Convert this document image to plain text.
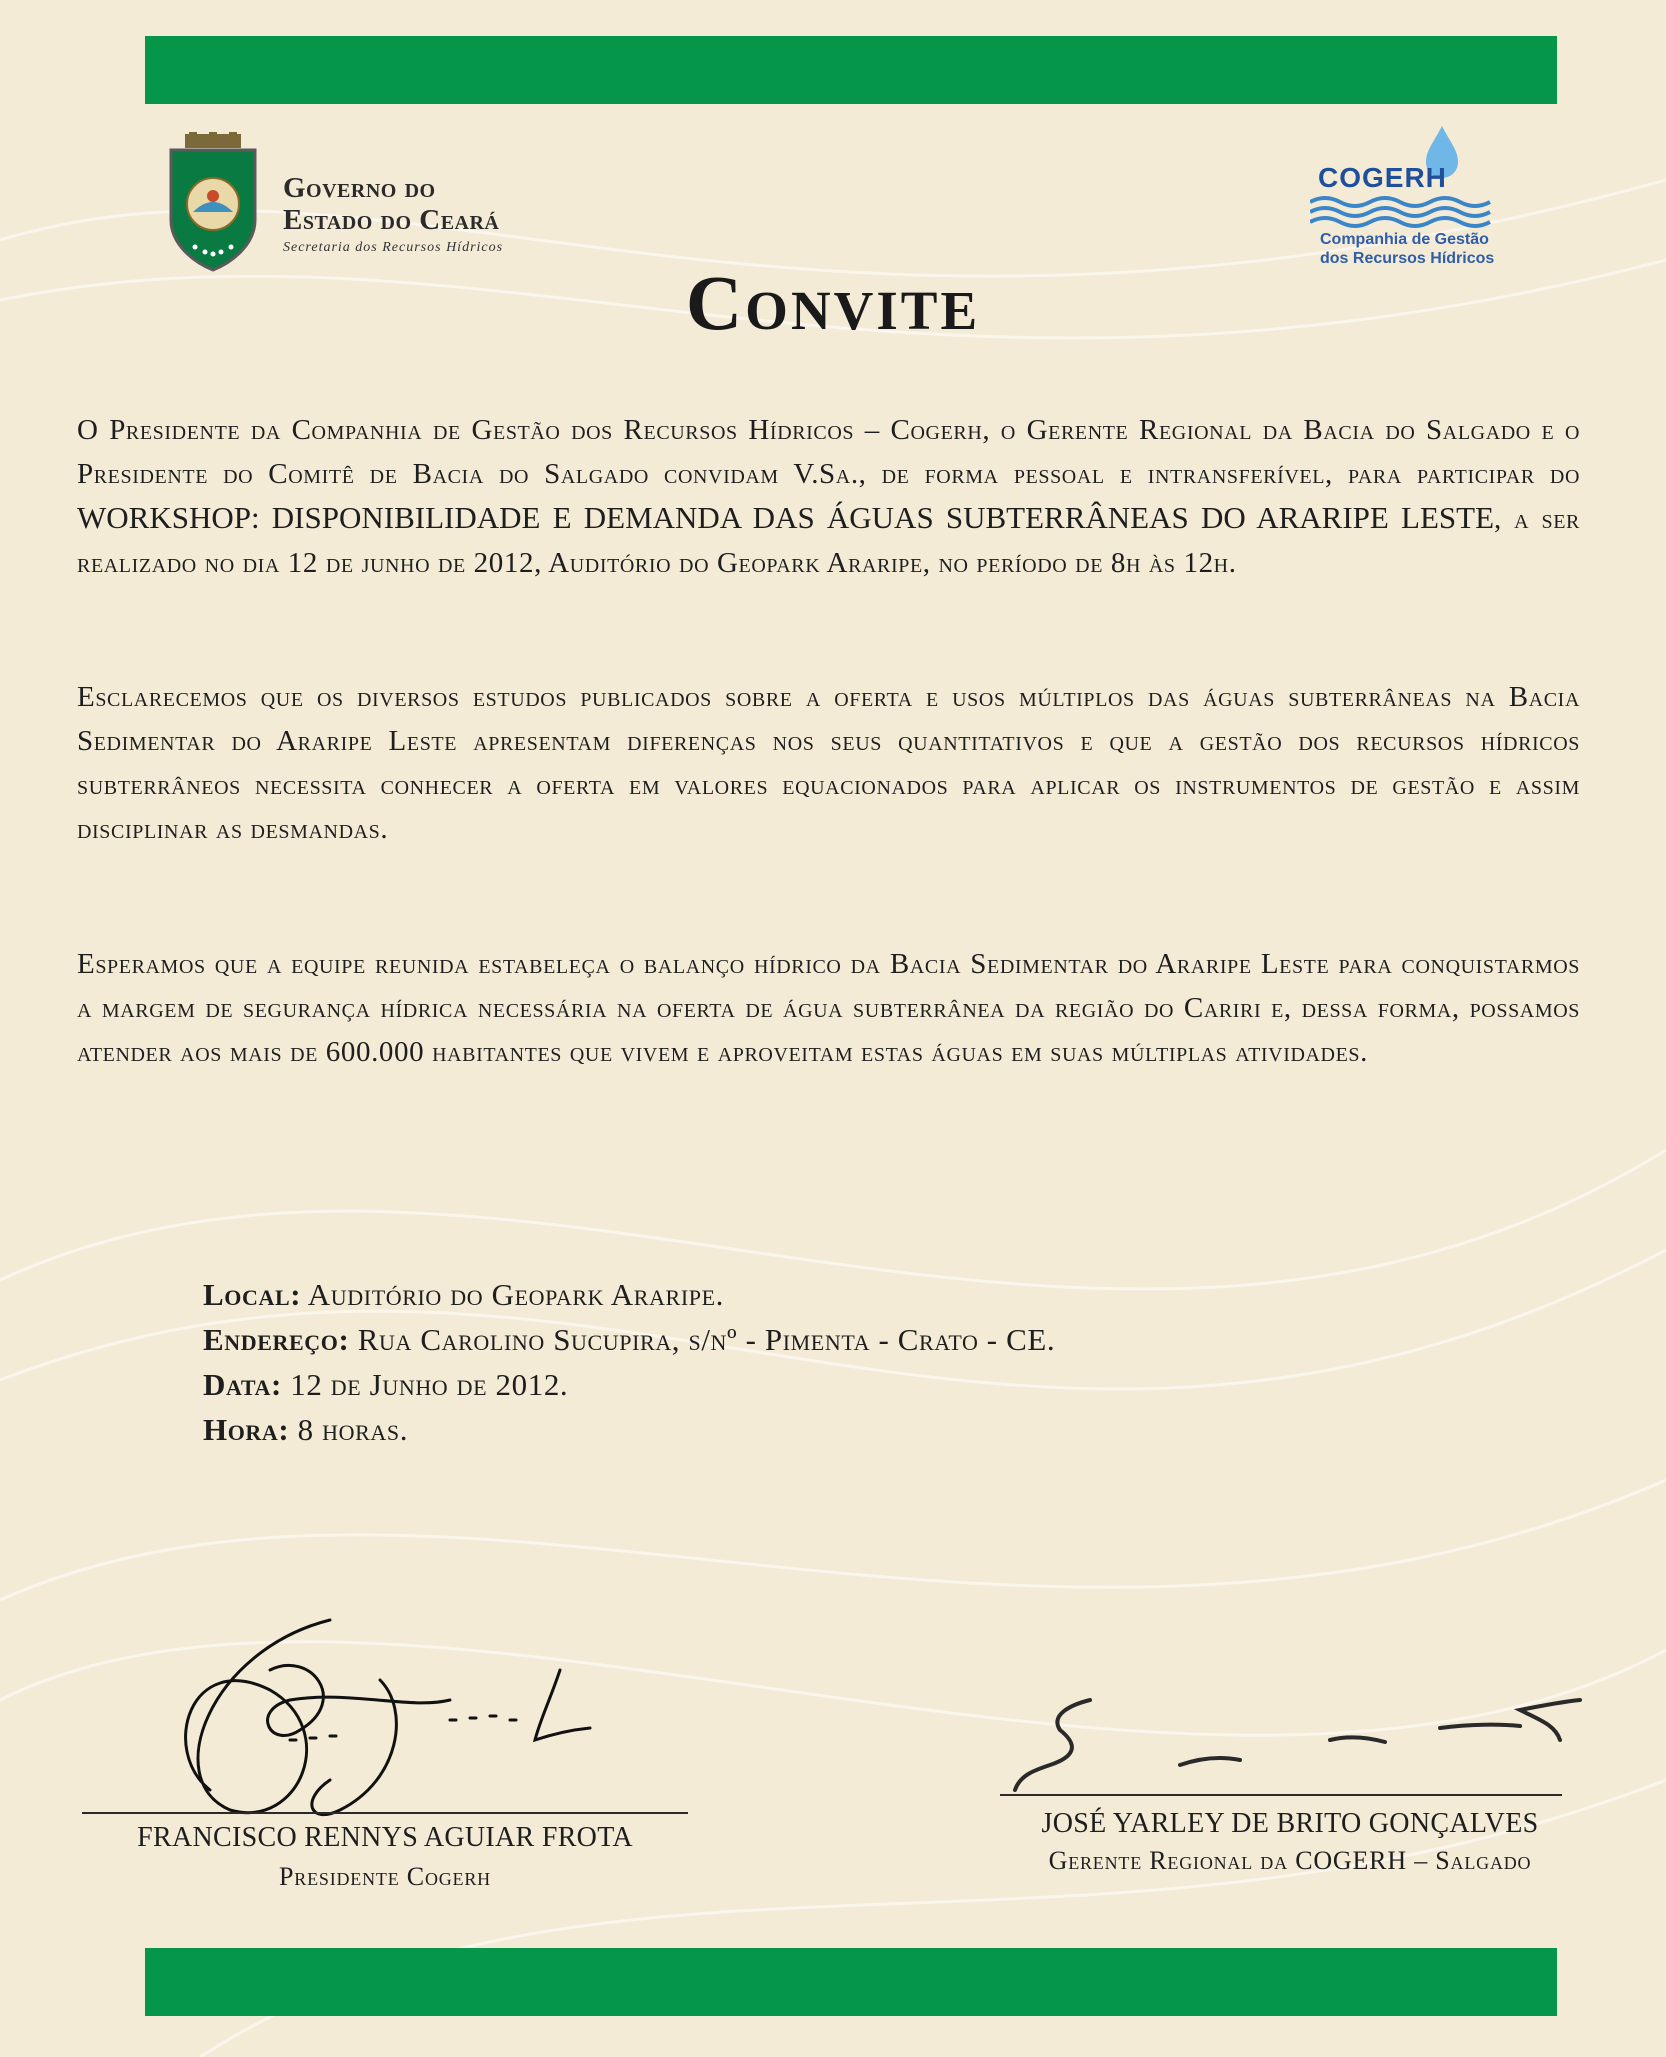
Governo do
Estado do Ceará
Secretaria dos Recursos Hídricos
COGERH
Companhia de Gestão
dos Recursos Hídricos
Convite
O Presidente da Companhia de Gestão dos Recursos Hídricos – Cogerh, o Gerente Regional da Bacia do Salgado e o Presidente do Comitê de Bacia do Salgado convidam V.Sa., de forma pessoal e intransferível, para participar do WORKSHOP: DISPONIBILIDADE E DEMANDA DAS ÁGUAS SUBTERRÂNEAS DO ARARIPE LESTE, a ser realizado no dia 12 de junho de 2012, Auditório do Geopark Araripe, no período de 8h às 12h.
Esclarecemos que os diversos estudos publicados sobre a oferta e usos múltiplos das águas subterrâneas na Bacia Sedimentar do Araripe Leste apresentam diferenças nos seus quantitativos e que a gestão dos recursos hídricos subterrâneos necessita conhecer a oferta em valores equacionados para aplicar os instrumentos de gestão e assim disciplinar as desmandas.
Esperamos que a equipe reunida estabeleça o balanço hídrico da Bacia Sedimentar do Araripe Leste para conquistarmos a margem de segurança hídrica necessária na oferta de água subterrânea da região do Cariri e, dessa forma, possamos atender aos mais de 600.000 habitantes que vivem e aproveitam estas águas em suas múltiplas atividades.
Local: Auditório do Geopark Araripe.
Endereço: Rua Carolino Sucupira, s/nº - Pimenta - Crato - CE.
Data: 12 de Junho de 2012.
Hora: 8 horas.
FRANCISCO RENNYS AGUIAR FROTA
Presidente Cogerh
JOSÉ YARLEY DE BRITO GONÇALVES
Gerente Regional da COGERH – Salgado
